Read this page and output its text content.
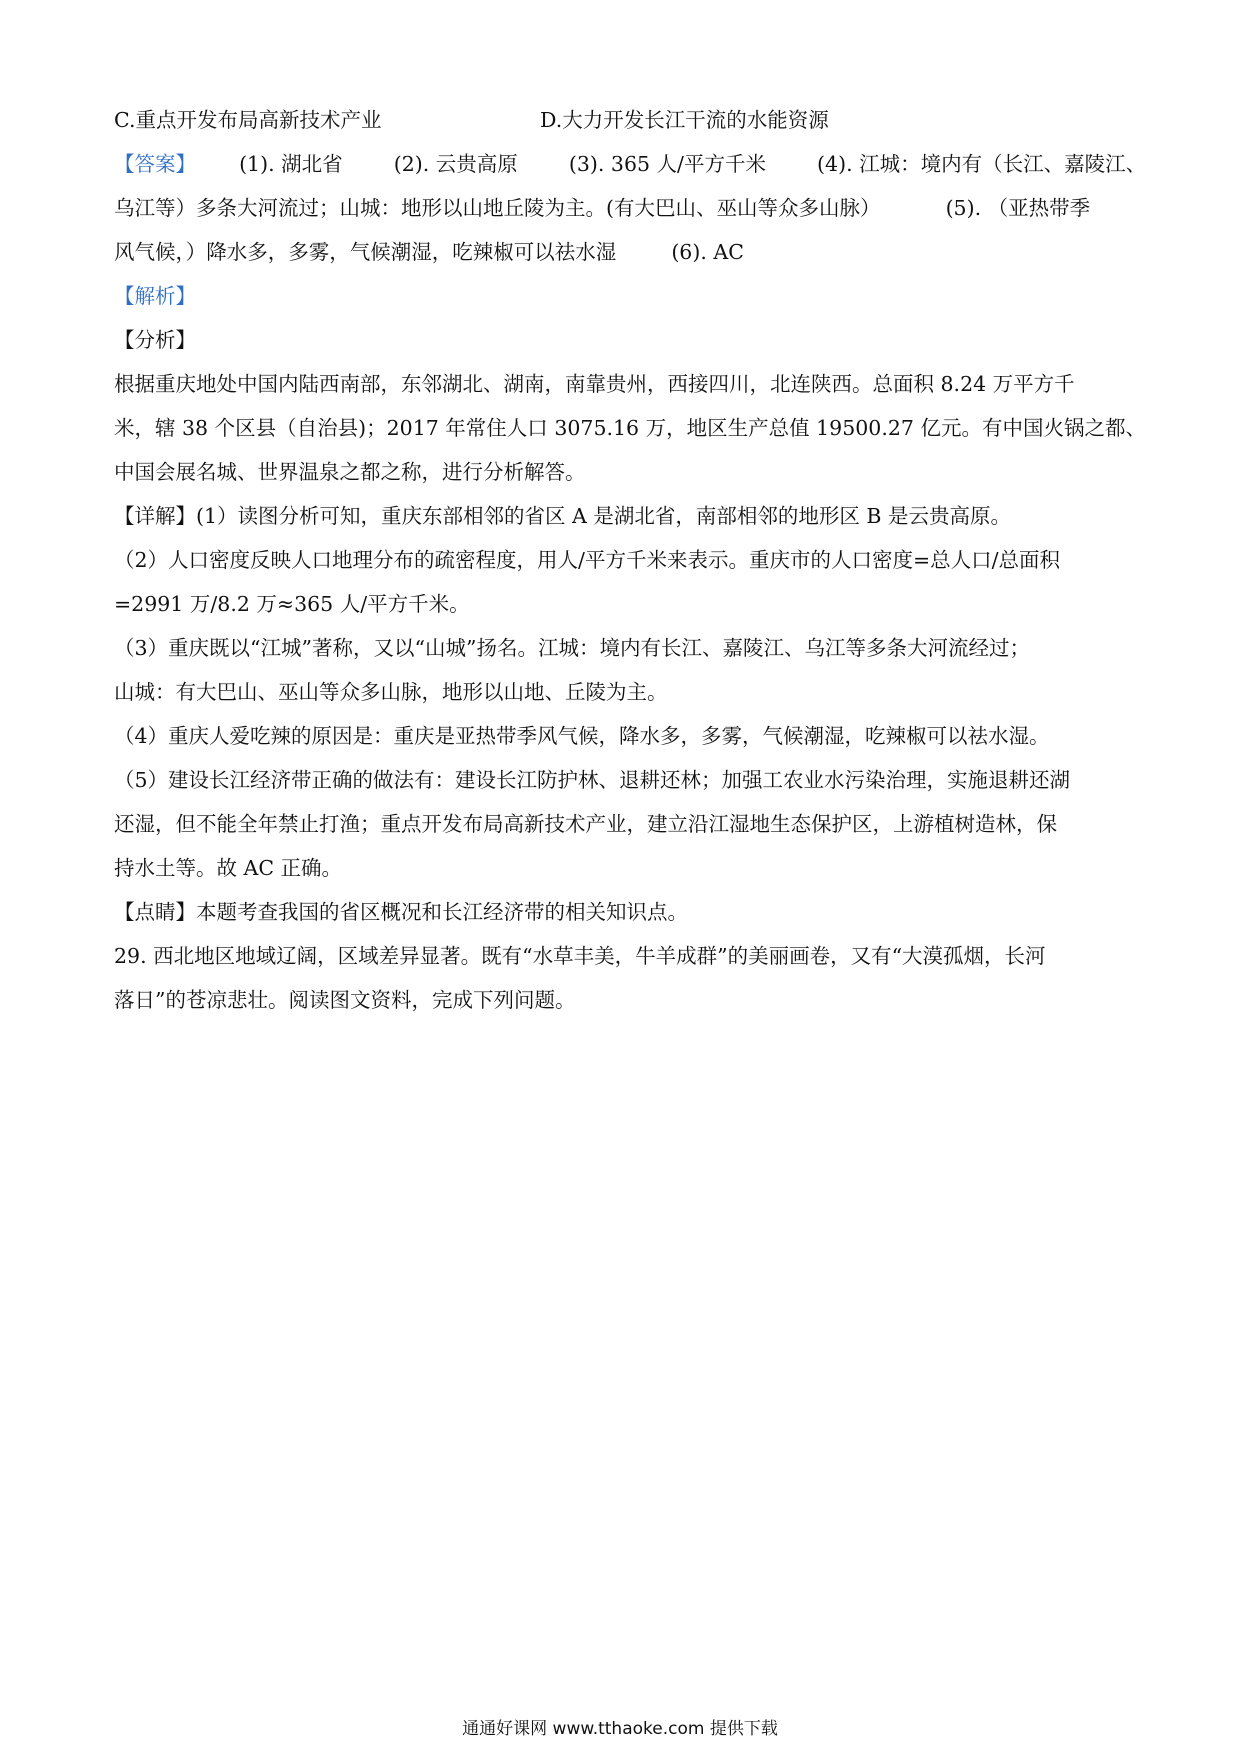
C.重点开发布局高新技术产业	D.大力开发长江干流的水能资源
【答案】 (1). 湖北省 (2). 云贵高原 (3). 365 人/平方千米 (4). 江城：境内有（长江、嘉陵江、
乌江等）多条大河流过；山城：地形以山地丘陵为主。(有大巴山、巫山等众多山脉）	(5). （亚热带季
风气候，）降水多，多雾，气候潮湿，吃辣椒可以祛水湿	(6). AC
【解析】
【分析】
根据重庆地处中国内陆西南部，东邻湖北、湖南，南靠贵州，西接四川，北连陕西。总面积 8.24 万平方千
米，辖 38 个区县（自治县)；2017 年常住人口 3075.16 万，地区生产总值 19500.27 亿元。有中国火锅之都、
中国会展名城、世界温泉之都之称，进行分析解答。
【详解】(1）读图分析可知，重庆东部相邻的省区 A 是湖北省，南部相邻的地形区 B 是云贵高原。
（2）人口密度反映人口地理分布的疏密程度，用人/平方千米来表示。重庆市的人口密度=总人口/总面积
=2991 万/8.2 万≈365 人/平方千米。
（3）重庆既以“江城”著称，又以“山城”扬名。江城：境内有长江、嘉陵江、乌江等多条大河流经过；
山城：有大巴山、巫山等众多山脉，地形以山地、丘陵为主。
（4）重庆人爱吃辣的原因是：重庆是亚热带季风气候，降水多，多雾，气候潮湿，吃辣椒可以祛水湿。
（5）建设长江经济带正确的做法有：建设长江防护林、退耕还林；加强工农业水污染治理，实施退耕还湖
还湿，但不能全年禁止打渔；重点开发布局高新技术产业，建立沿江湿地生态保护区，上游植树造林，保
持水土等。故 AC 正确。
【点睛】本题考查我国的省区概况和长江经济带的相关知识点。
29. 西北地区地域辽阔，区域差异显著。既有“水草丰美，牛羊成群”的美丽画卷，又有“大漠孤烟，长河
落日”的苍凉悲壮。阅读图文资料，完成下列问题。
通通好课网 www.tthaoke.com 提供下载
